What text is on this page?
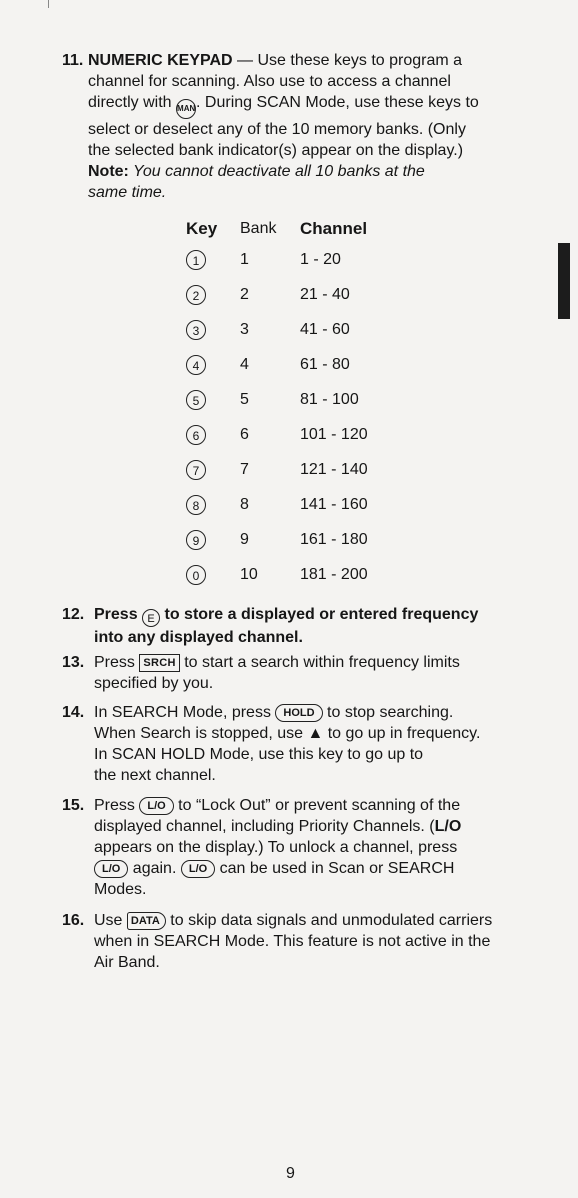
11. NUMERIC KEYPAD — Use these keys to program a
channel for scanning. Also use to access a channel
directly with MAN. During SCAN Mode, use these keys to
select or deselect any of the 10 memory banks. (Only
the selected bank indicator(s) appear on the display.)
Note: You cannot deactivate all 10 banks at the
same time.
Key	Bank	Channel
1	1	1 - 20
2	2	21 - 40
3	3	41 - 60
4	4	61 - 80
5	5	81 - 100
6	6	101 - 120
7	7	121 - 140
8	8	141 - 160
9	9	161 - 180
0	10	181 - 200
12. Press E to store a displayed or entered frequency
into any displayed channel.
13. Press SRCH to start a search within frequency limits
specified by you.
14. In SEARCH Mode, press HOLD to stop searching.
When Search is stopped, use ▲ to go up in frequency.
In SCAN HOLD Mode, use this key to go up to
the next channel.
15. Press L/O to “Lock Out” or prevent scanning of the
displayed channel, including Priority Channels. (L/O
appears on the display.) To unlock a channel, press
L/O again. L/O can be used in Scan or SEARCH
Modes.
16. Use DATA to skip data signals and unmodulated carriers
when in SEARCH Mode. This feature is not active in the
Air Band.
9
